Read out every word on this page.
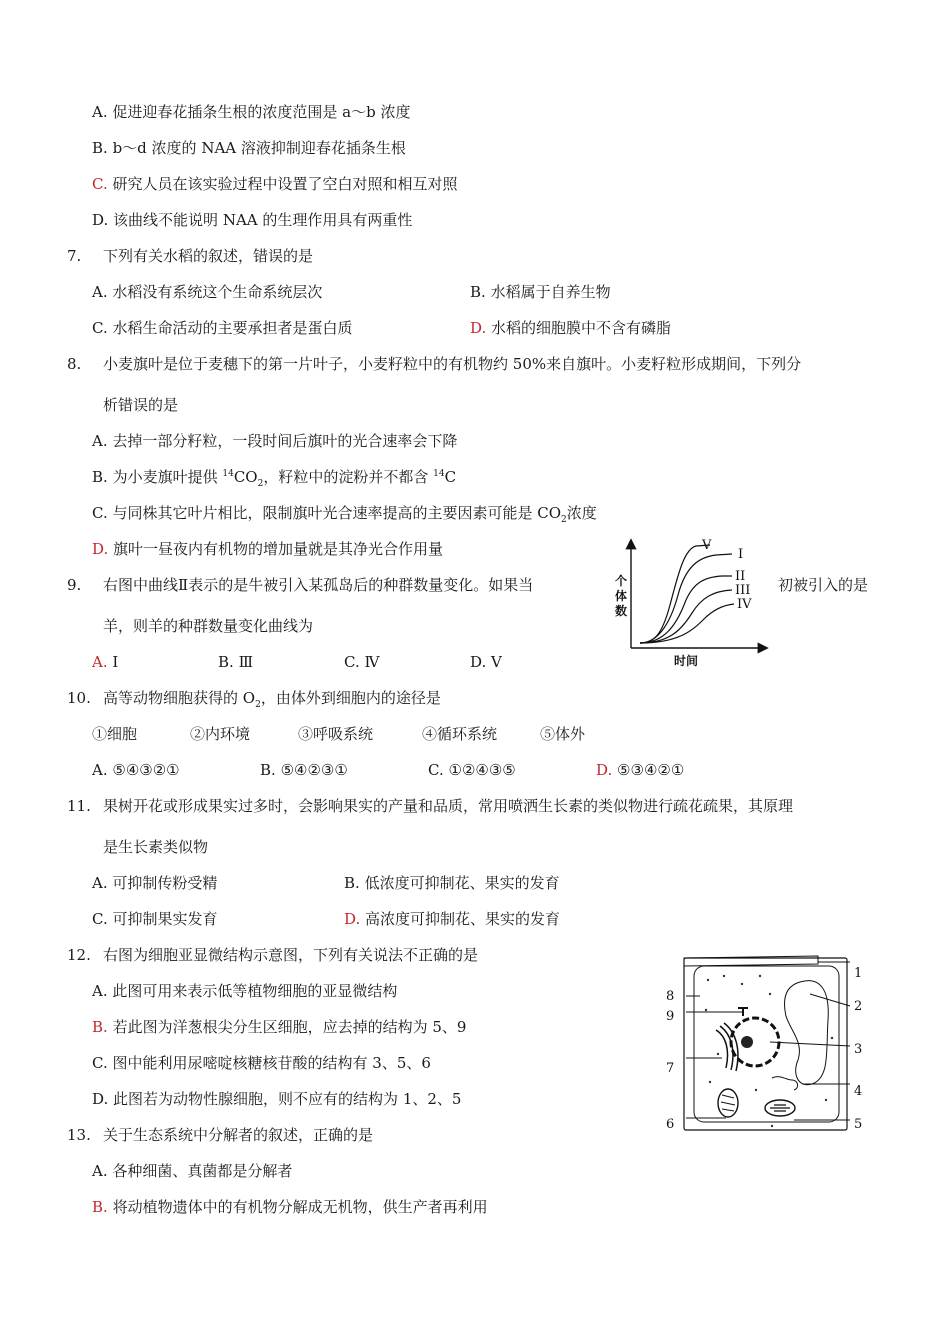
A. 促进迎春花插条生根的浓度范围是 a～b 浓度
B. b～d 浓度的 NAA 溶液抑制迎春花插条生根
C. 研究人员在该实验过程中设置了空白对照和相互对照
D. 该曲线不能说明 NAA 的生理作用具有两重性
7. 下列有关水稻的叙述，错误的是
A. 水稻没有系统这个生命系统层次	B. 水稻属于自养生物
C. 水稻生命活动的主要承担者是蛋白质	D. 水稻的细胞膜中不含有磷脂
8. 小麦旗叶是位于麦穗下的第一片叶子，小麦籽粒中的有机物约 50%来自旗叶。小麦籽粒形成期间，下列分
析错误的是
A. 去掉一部分籽粒，一段时间后旗叶的光合速率会下降
B. 为小麦旗叶提供 $^{14}CO_2$，籽粒中的淀粉并不都含 $^{14}$C
C. 与同株其它叶片相比，限制旗叶光合速率提高的主要因素可能是 $CO_2$浓度
D. 旗叶一昼夜内有机物的增加量就是其净光合作用量
9. 右图中曲线Ⅱ表示的是牛被引入某孤岛后的种群数量变化。如果当	初被引入的是
羊，则羊的种群数量变化曲线为
A. Ⅰ	B. Ⅲ	C. Ⅳ	D. Ⅴ
个
体
数
时间
V
I
II
III
IV
10. 高等动物细胞获得的 $O_2$，由体外到细胞内的途径是
①细胞	②内环境	③呼吸系统	④循环系统	⑤体外
A. ⑤④③②①	B. ⑤④②③①	C. ①②④③⑤	D. ⑤③④②①
11. 果树开花或形成果实过多时，会影响果实的产量和品质，常用喷洒生长素的类似物进行疏花疏果，其原理
是生长素类似物
A. 可抑制传粉受精	B. 低浓度可抑制花、果实的发育
C. 可抑制果实发育	D. 高浓度可抑制花、果实的发育
12. 右图为细胞亚显微结构示意图，下列有关说法不正确的是
A. 此图可用来表示低等植物细胞的亚显微结构
B. 若此图为洋葱根尖分生区细胞，应去掉的结构为 5、9
C. 图中能利用尿嘧啶核糖核苷酸的结构有 3、5、6
D. 此图若为动物性腺细胞，则不应有的结构为 1、2、5
1
2
3
4
5
6
7
8
9
13. 关于生态系统中分解者的叙述，正确的是
A. 各种细菌、真菌都是分解者
B. 将动植物遗体中的有机物分解成无机物，供生产者再利用
